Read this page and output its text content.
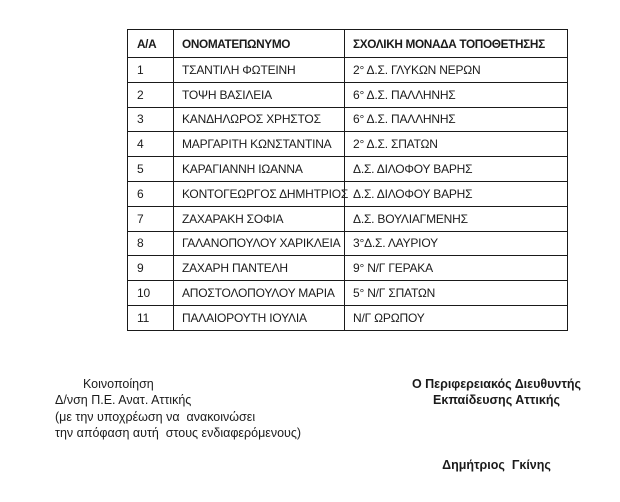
Α/Α	ΟΝΟΜΑΤΕΠΩΝΥΜΟ	ΣΧΟΛΙΚΗ ΜΟΝΑΔΑ ΤΟΠΟΘΕΤΗΣΗΣ
1	ΤΣΑΝΤΙΛΗ ΦΩΤΕΙΝΗ	2° Δ.Σ. ΓΛΥΚΩΝ ΝΕΡΩΝ
2	ΤΟΨΗ ΒΑΣΙΛΕΙΑ	6° Δ.Σ. ΠΑΛΛΗΝΗΣ
3	ΚΑΝΔΗΛΩΡΟΣ ΧΡΗΣΤΟΣ	6° Δ.Σ. ΠΑΛΛΗΝΗΣ
4	ΜΑΡΓΑΡΙΤΗ ΚΩΝΣΤΑΝΤΙΝΑ	2° Δ.Σ. ΣΠΑΤΩΝ
5	ΚΑΡΑΓΙΑΝΝΗ ΙΩΑΝΝΑ	Δ.Σ. ΔΙΛΟΦΟΥ ΒΑΡΗΣ
6	ΚΟΝΤΟΓΕΩΡΓΟΣ ΔΗΜΗΤΡΙΟΣ	Δ.Σ. ΔΙΛΟΦΟΥ ΒΑΡΗΣ
7	ΖΑΧΑΡΑΚΗ ΣΟΦΙΑ	Δ.Σ. ΒΟΥΛΙΑΓΜΕΝΗΣ
8	ΓΑΛΑΝΟΠΟΥΛΟΥ ΧΑΡΙΚΛΕΙΑ	3°Δ.Σ. ΛΑΥΡΙΟΥ
9	ΖΑΧΑΡΗ ΠΑΝΤΕΛΗ	9° Ν/Γ ΓΕΡΑΚΑ
10	ΑΠΟΣΤΟΛΟΠΟΥΛΟΥ ΜΑΡΙΑ	5° Ν/Γ ΣΠΑΤΩΝ
11	ΠΑΛΑΙΟΡΟΥΤΗ ΙΟΥΛΙΑ	Ν/Γ ΩΡΩΠΟΥ
Κοινοποίηση
Δ/νση Π.Ε. Ανατ. Αττικής
(με την υποχρέωση να  ανακοινώσει
την απόφαση αυτή  στους ενδιαφερόμενους)
Ο Περιφερειακός Διευθυντής
Εκπαίδευσης Αττικής
Δημήτριος  Γκίνης
